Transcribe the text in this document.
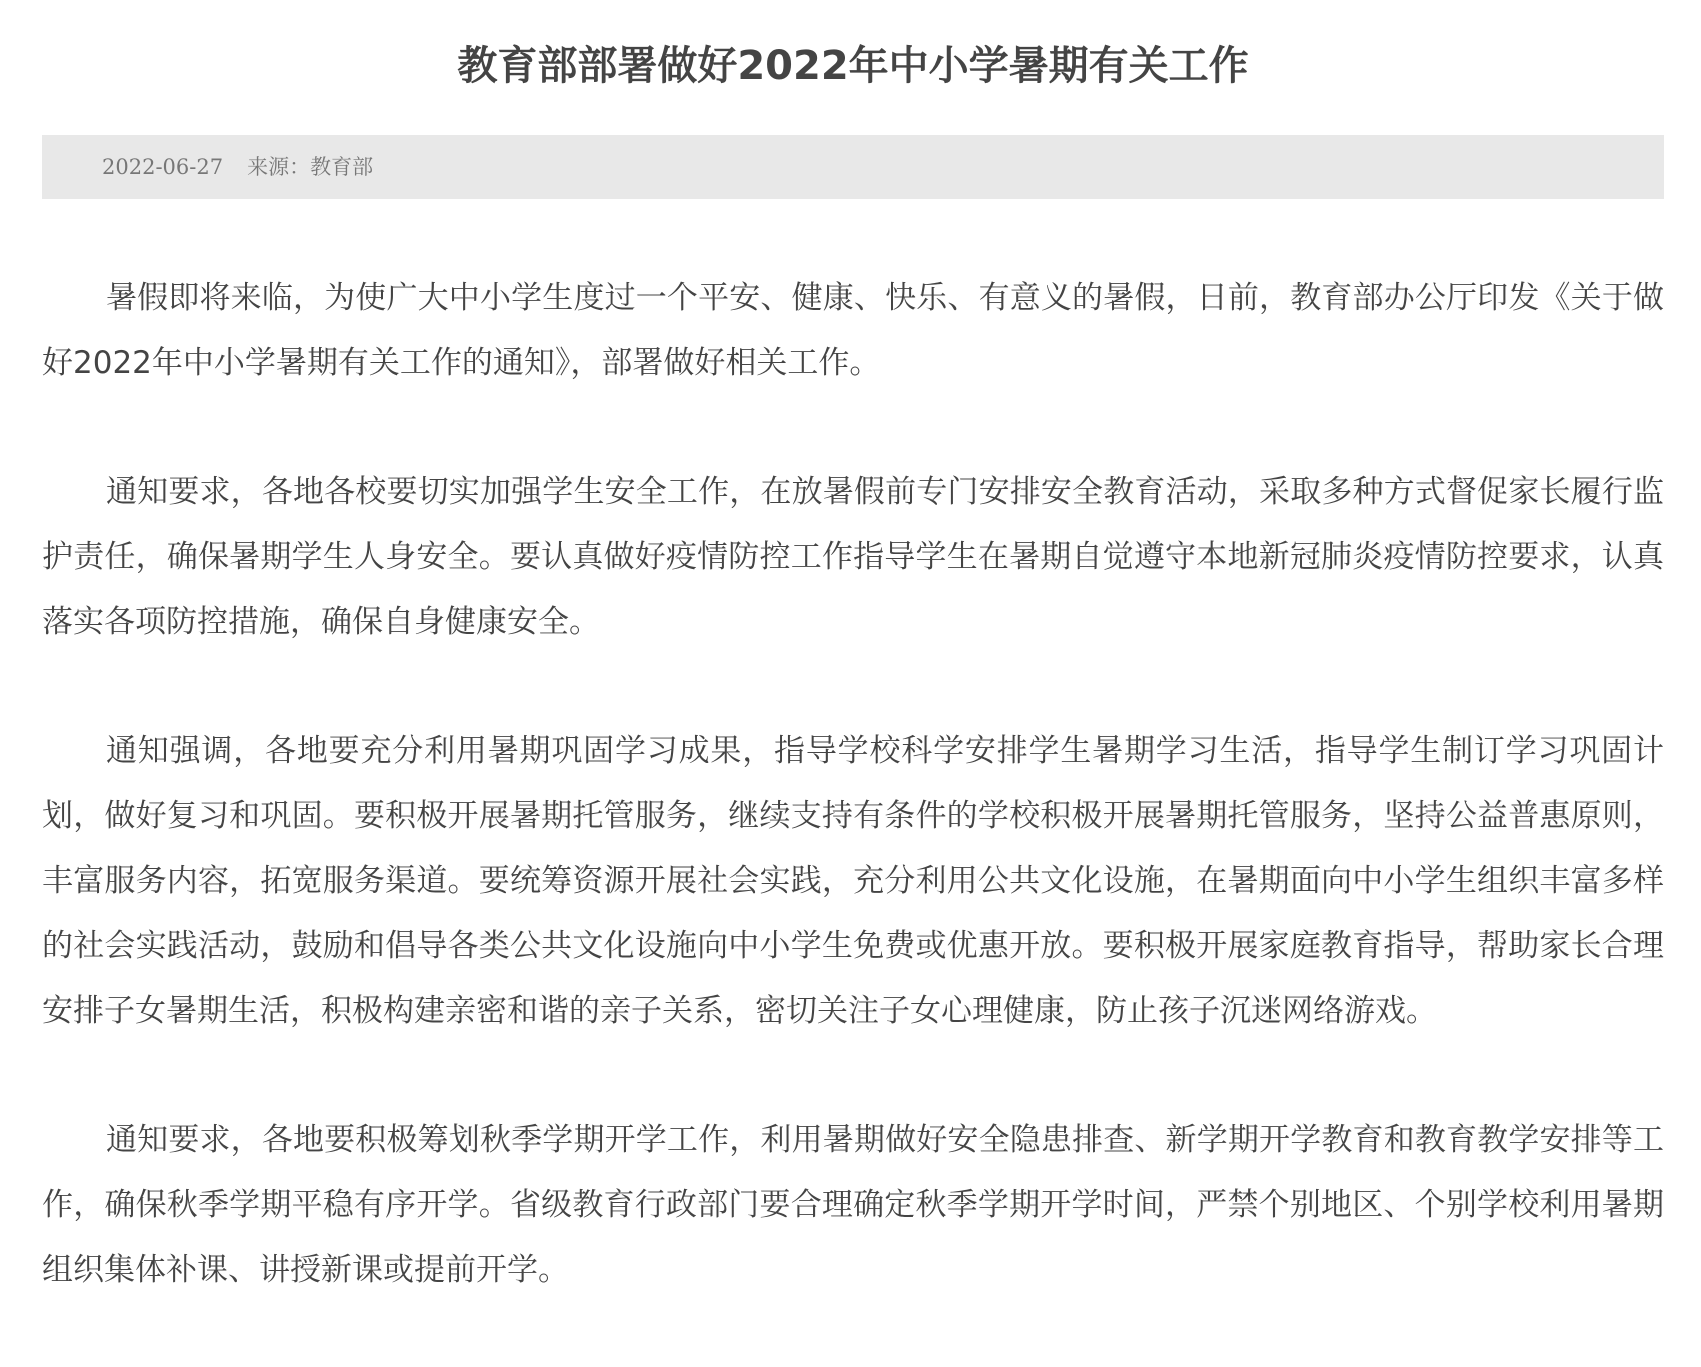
教育部部署做好2022年中小学暑期有关工作
2022-06-27 来源：教育部

暑假即将来临，为使广大中小学生度过一个平安、健康、快乐、有意义的暑假，日前，教育部办公厅印发《关于做好2022年中小学暑期有关工作的通知》，部署做好相关工作。

通知要求，各地各校要切实加强学生安全工作，在放暑假前专门安排安全教育活动，采取多种方式督促家长履行监护责任，确保暑期学生人身安全。要认真做好疫情防控工作指导学生在暑期自觉遵守本地新冠肺炎疫情防控要求，认真落实各项防控措施，确保自身健康安全。

通知强调，各地要充分利用暑期巩固学习成果，指导学校科学安排学生暑期学习生活，指导学生制订学习巩固计划，做好复习和巩固。要积极开展暑期托管服务，继续支持有条件的学校积极开展暑期托管服务，坚持公益普惠原则，丰富服务内容，拓宽服务渠道。要统筹资源开展社会实践，充分利用公共文化设施，在暑期面向中小学生组织丰富多样的社会实践活动，鼓励和倡导各类公共文化设施向中小学生免费或优惠开放。要积极开展家庭教育指导，帮助家长合理安排子女暑期生活，积极构建亲密和谐的亲子关系，密切关注子女心理健康，防止孩子沉迷网络游戏。

通知要求，各地要积极筹划秋季学期开学工作，利用暑期做好安全隐患排查、新学期开学教育和教育教学安排等工作，确保秋季学期平稳有序开学。省级教育行政部门要合理确定秋季学期开学时间，严禁个别地区、个别学校利用暑期组织集体补课、讲授新课或提前开学。
